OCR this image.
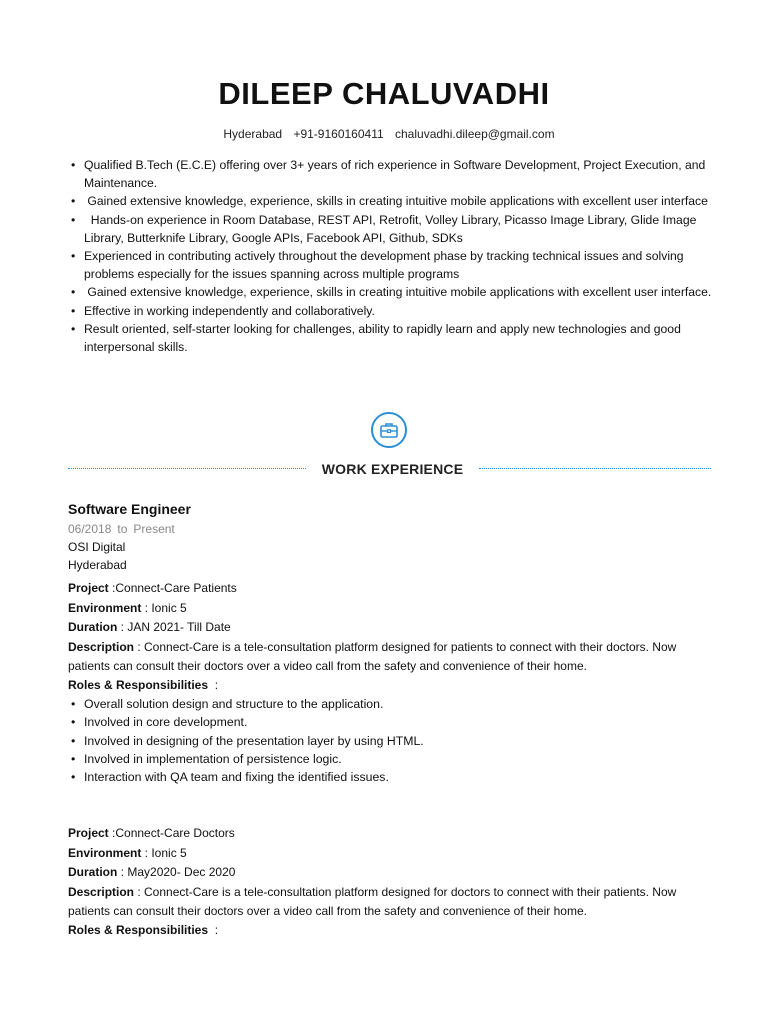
DILEEP CHALUVADHI
Hyderabad +91-9160160411 chaluvadhi.dileep@gmail.com
• Qualified B.Tech (E.C.E) offering over 3+ years of rich experience in Software Development, Project Execution, and Maintenance.
•  Gained extensive knowledge, experience, skills in creating intuitive mobile applications with excellent user interface
•   Hands-on experience in Room Database, REST API, Retrofit, Volley Library, Picasso Image Library, Glide Image Library, Butterknife Library, Google APIs, Facebook API, Github, SDKs
• Experienced in contributing actively throughout the development phase by tracking technical issues and solving problems especially for the issues spanning across multiple programs
•  Gained extensive knowledge, experience, skills in creating intuitive mobile applications with excellent user interface.
• Effective in working independently and collaboratively.
• Result oriented, self-starter looking for challenges, ability to rapidly learn and apply new technologies and good interpersonal skills.
WORK EXPERIENCE
Software Engineer
06/2018 to Present
OSI Digital
Hyderabad
Project :Connect-Care Patients
Environment : Ionic 5
Duration : JAN 2021- Till Date
Description : Connect-Care is a tele-consultation platform designed for patients to connect with their doctors. Now patients can consult their doctors over a video call from the safety and convenience of their home.
Roles & Responsibilities :
• Overall solution design and structure to the application.
• Involved in core development.
• Involved in designing of the presentation layer by using HTML.
• Involved in implementation of persistence logic.
• Interaction with QA team and fixing the identified issues.
Project :Connect-Care Doctors
Environment : Ionic 5
Duration : May2020- Dec 2020
Description : Connect-Care is a tele-consultation platform designed for doctors to connect with their patients. Now patients can consult their doctors over a video call from the safety and convenience of their home.
Roles & Responsibilities :
